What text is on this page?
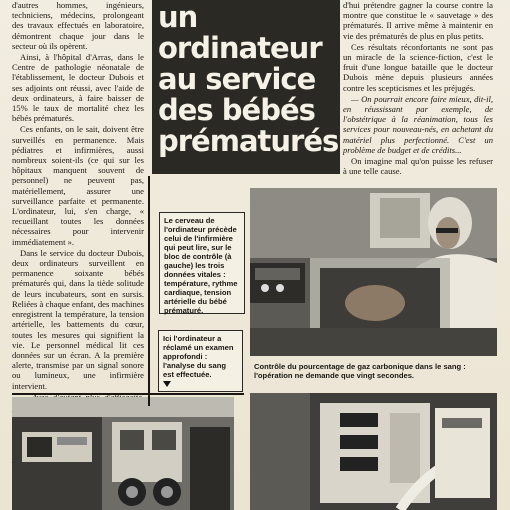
d'autres hommes, ingénieurs, techniciens, médecins, prolongeant des travaux effectués en laboratoire, démontrent chaque jour dans le secteur où ils opèrent.

Ainsi, à l'hôpital d'Arras, dans le Centre de pathologie néonatale de l'établissement, le docteur Dubois et ses adjoints ont réussi, avec l'aide de deux ordinateurs, à faire baisser de 15% le taux de mortalité chez les bébés prématurés.

Ces enfants, on le sait, doivent être surveillés en permanence. Mais pédiatres et infirmières, aussi nombreux soient-ils (ce qui sur les hôpitaux manquent souvent de personnel) ne peuvent pas, matériellement, assurer une surveillance parfaite et permanente. L'ordinateur, lui, s'en charge, « recueillant toutes les données nécessaires pour intervenir immédiatement ».

Dans le service du docteur Dubois, deux ordinateurs surveillent en permanence soixante bébés prématurés qui, dans la tiède solitude de leurs incubateurs, sont en sursis. Reliées à chaque enfant, des machines enregistrent la température, la tension artérielle, les battements du cœur, toutes les mesures qui signifient la vie. Le personnel médical lit ces données sur un écran. A la première alerte, transmise par un signal sonore ou lumineux, une infirmière intervient.

un
ordinateur
au service
des bébés
prématurés

d'hui prétendre gagner la course contre la montre que constitue le « sauvetage » des prématurés. Il arrive même à maintenir en vie des prématurés de plus en plus petits.

Ces résultats réconfortants ne sont pas un miracle de la science-fiction, c'est le fruit d'une longue bataille que le docteur Dubois mène depuis plusieurs années contre les scepticismes et les préjugés.

— On pourrait encore faire mieux, dit-il, en réussissant par exemple, de l'obstétrique à la réanimation, tous les services pour nouveau-nés, en achetant du matériel plus perfectionné. C'est un problème de budget et de crédits...

On imagine mal qu'on puisse les refuser à une telle cause.

Le cerveau de l'ordinateur précède celui de l'infirmière qui peut lire, sur le bloc de contrôle (à gauche) les trois données vitales : température, rythme cardiaque, tension artérielle du bébé prématuré.
Ici l'ordinateur a réclamé un examen approfondi : l'analyse du sang est effectuée.
Contrôle du pourcentage de gaz carbonique dans le sang : l'opération ne demande que vingt secondes.
